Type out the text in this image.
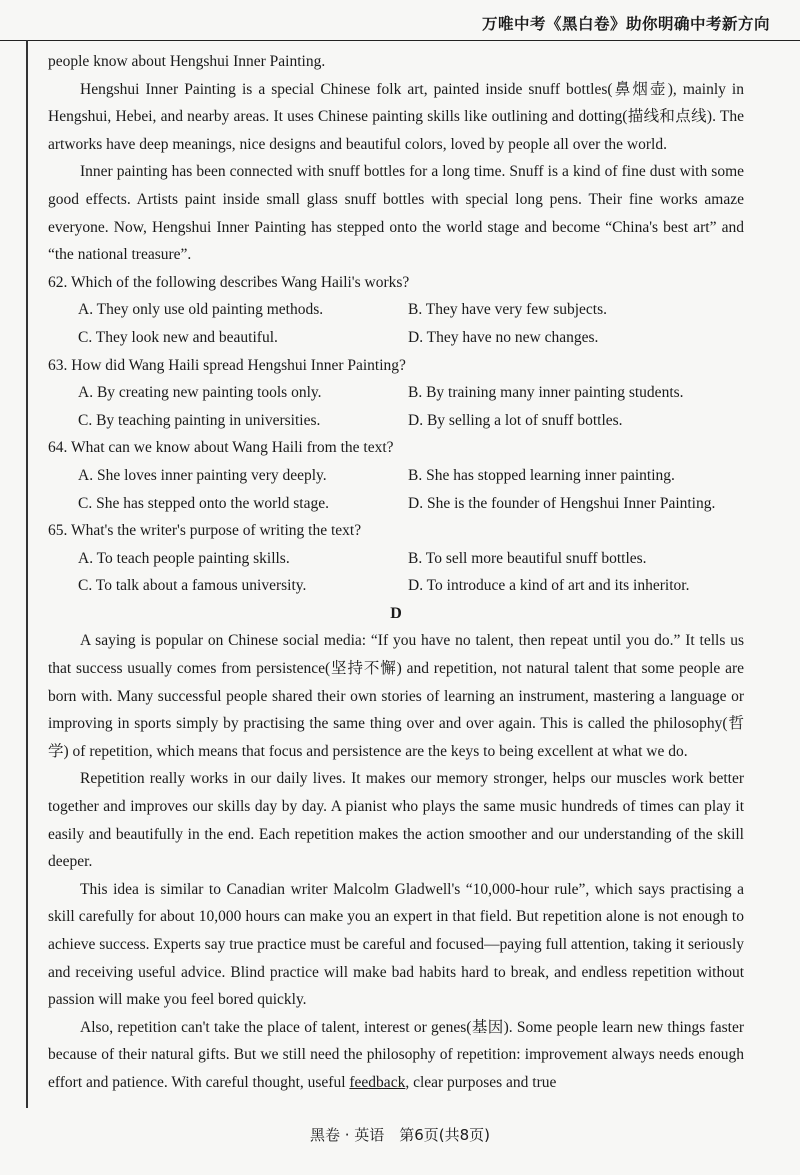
万唯中考《黑白卷》助你明确中考新方向

people know about Hengshui Inner Painting.

Hengshui Inner Painting is a special Chinese folk art, painted inside snuff bottles(鼻烟壶), mainly in Hengshui, Hebei, and nearby areas. It uses Chinese painting skills like outlining and dotting(描线和点线). The artworks have deep meanings, nice designs and beautiful colors, loved by people all over the world.

Inner painting has been connected with snuff bottles for a long time. Snuff is a kind of fine dust with some good effects. Artists paint inside small glass snuff bottles with special long pens. Their fine works amaze everyone. Now, Hengshui Inner Painting has stepped onto the world stage and become “China's best art” and “the national treasure”.

62. Which of the following describes Wang Haili's works?

A. They only use old painting methods.	B. They have very few subjects.
C. They look new and beautiful.	D. They have no new changes.

63. How did Wang Haili spread Hengshui Inner Painting?

A. By creating new painting tools only.	B. By training many inner painting students.
C. By teaching painting in universities.	D. By selling a lot of snuff bottles.

64. What can we know about Wang Haili from the text?

A. She loves inner painting very deeply.	B. She has stopped learning inner painting.
C. She has stepped onto the world stage.	D. She is the founder of Hengshui Inner Painting.

65. What's the writer's purpose of writing the text?

A. To teach people painting skills.	B. To sell more beautiful snuff bottles.
C. To talk about a famous university.	D. To introduce a kind of art and its inheritor.

D

A saying is popular on Chinese social media: “If you have no talent, then repeat until you do.” It tells us that success usually comes from persistence(坚持不懈) and repetition, not natural talent that some people are born with. Many successful people shared their own stories of learning an instrument, mastering a language or improving in sports simply by practising the same thing over and over again. This is called the philosophy(哲学) of repetition, which means that focus and persistence are the keys to being excellent at what we do.

Repetition really works in our daily lives. It makes our memory stronger, helps our muscles work better together and improves our skills day by day. A pianist who plays the same music hundreds of times can play it easily and beautifully in the end. Each repetition makes the action smoother and our understanding of the skill deeper.

This idea is similar to Canadian writer Malcolm Gladwell's “10,000-hour rule”, which says practising a skill carefully for about 10,000 hours can make you an expert in that field. But repetition alone is not enough to achieve success. Experts say true practice must be careful and focused—paying full attention, taking it seriously and receiving useful advice. Blind practice will make bad habits hard to break, and endless repetition without passion will make you feel bored quickly.

Also, repetition can't take the place of talent, interest or genes(基因). Some people learn new things faster because of their natural gifts. But we still need the philosophy of repetition: improvement always needs enough effort and patience. With careful thought, useful feedback, clear purposes and true

黑卷 · 英语　第6页(共8页)
